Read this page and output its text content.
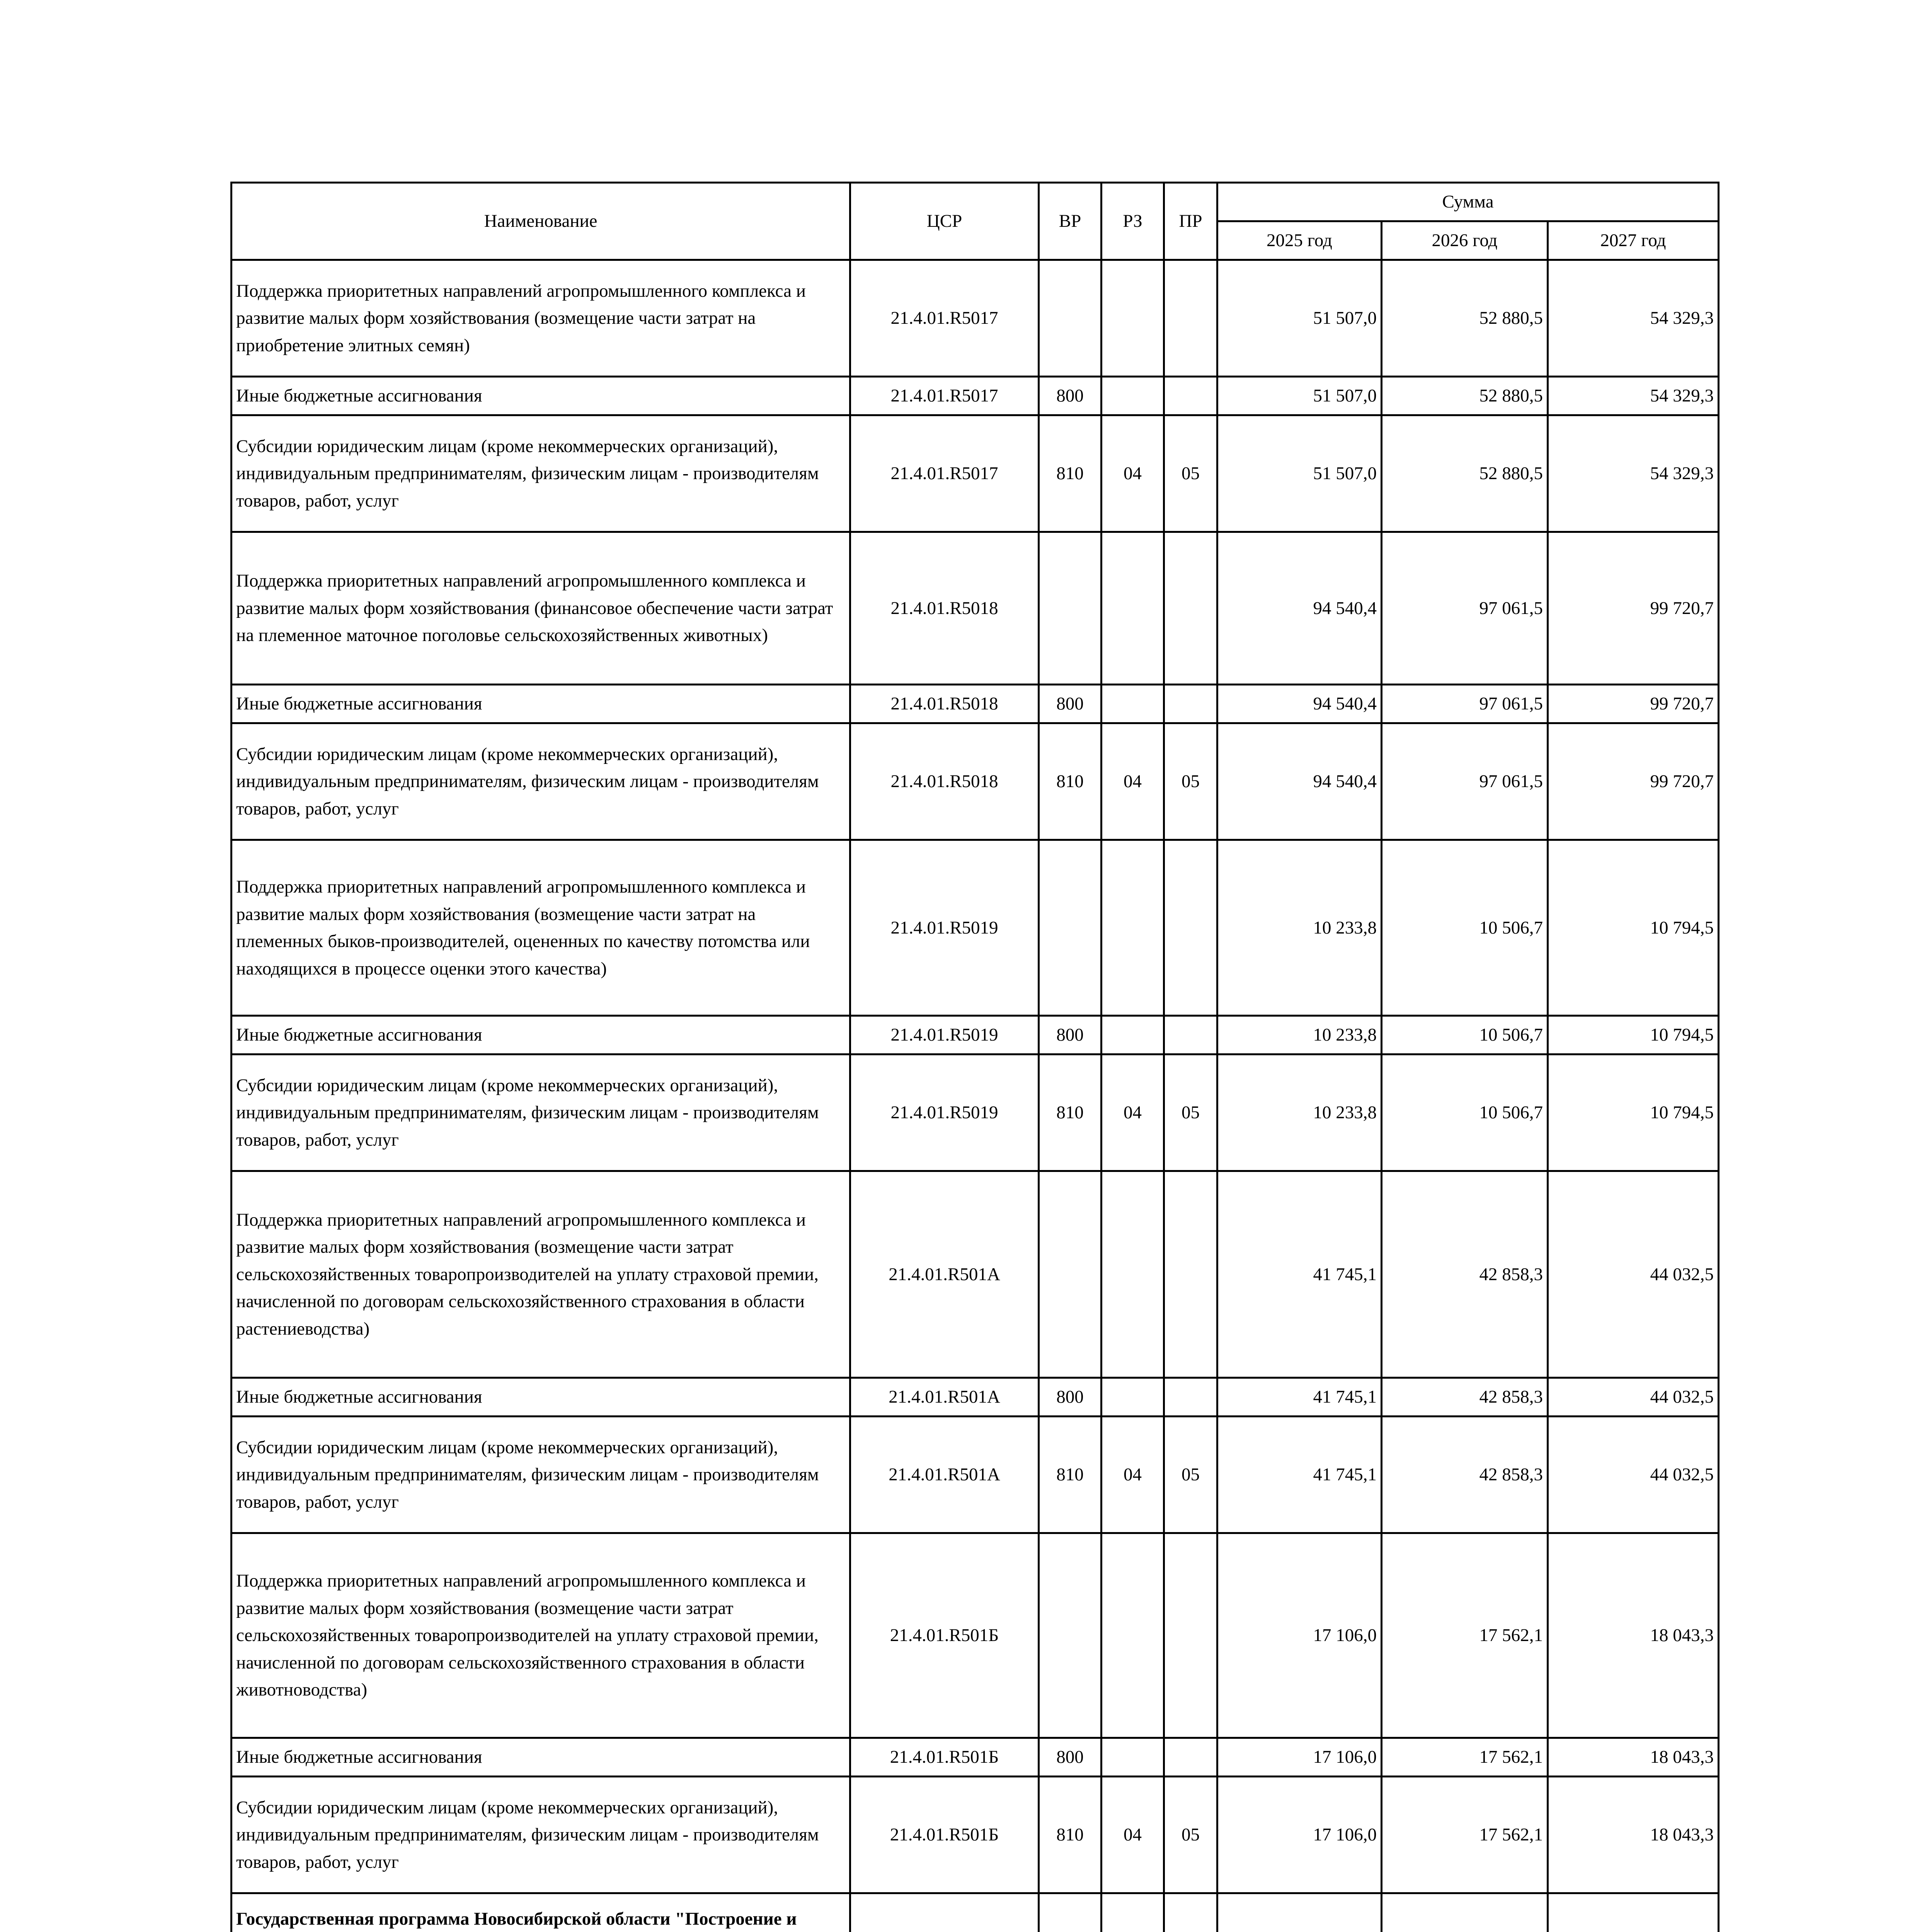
Наименование	ЦСР	ВР	РЗ	ПР	Сумма		
					2025 год	2026 год	2027 год
Поддержка приоритетных направлений агропромышленного комплекса и развитие малых форм хозяйствования (возмещение части затрат на приобретение элитных семян)	21.4.01.R5017				51 507,0	52 880,5	54 329,3
Иные бюджетные ассигнования	21.4.01.R5017	800			51 507,0	52 880,5	54 329,3
Субсидии юридическим лицам (кроме некоммерческих организаций), индивидуальным предпринимателям, физическим лицам - производителям товаров, работ, услуг	21.4.01.R5017	810	04	05	51 507,0	52 880,5	54 329,3
Поддержка приоритетных направлений агропромышленного комплекса и развитие малых форм хозяйствования (финансовое обеспечение части затрат на племенное маточное поголовье сельскохозяйственных животных)	21.4.01.R5018				94 540,4	97 061,5	99 720,7
Иные бюджетные ассигнования	21.4.01.R5018	800			94 540,4	97 061,5	99 720,7
Субсидии юридическим лицам (кроме некоммерческих организаций), индивидуальным предпринимателям, физическим лицам - производителям товаров, работ, услуг	21.4.01.R5018	810	04	05	94 540,4	97 061,5	99 720,7
Поддержка приоритетных направлений агропромышленного комплекса и развитие малых форм хозяйствования (возмещение части затрат на племенных быков-производителей, оцененных по качеству потомства или находящихся в процессе оценки этого качества)	21.4.01.R5019				10 233,8	10 506,7	10 794,5
Иные бюджетные ассигнования	21.4.01.R5019	800			10 233,8	10 506,7	10 794,5
Субсидии юридическим лицам (кроме некоммерческих организаций), индивидуальным предпринимателям, физическим лицам - производителям товаров, работ, услуг	21.4.01.R5019	810	04	05	10 233,8	10 506,7	10 794,5
Поддержка приоритетных направлений агропромышленного комплекса и развитие малых форм хозяйствования (возмещение части затрат сельскохозяйственных товаропроизводителей на уплату страховой премии, начисленной по договорам сельскохозяйственного страхования в области растениеводства)	21.4.01.R501A				41 745,1	42 858,3	44 032,5
Иные бюджетные ассигнования	21.4.01.R501A	800			41 745,1	42 858,3	44 032,5
Субсидии юридическим лицам (кроме некоммерческих организаций), индивидуальным предпринимателям, физическим лицам - производителям товаров, работ, услуг	21.4.01.R501A	810	04	05	41 745,1	42 858,3	44 032,5
Поддержка приоритетных направлений агропромышленного комплекса и развитие малых форм хозяйствования (возмещение части затрат сельскохозяйственных товаропроизводителей на уплату страховой премии, начисленной по договорам сельскохозяйственного страхования в области животноводства)	21.4.01.R501Б				17 106,0	17 562,1	18 043,3
Иные бюджетные ассигнования	21.4.01.R501Б	800			17 106,0	17 562,1	18 043,3
Субсидии юридическим лицам (кроме некоммерческих организаций), индивидуальным предпринимателям, физическим лицам - производителям товаров, работ, услуг	21.4.01.R501Б	810	04	05	17 106,0	17 562,1	18 043,3
Государственная программа Новосибирской области "Построение и							
